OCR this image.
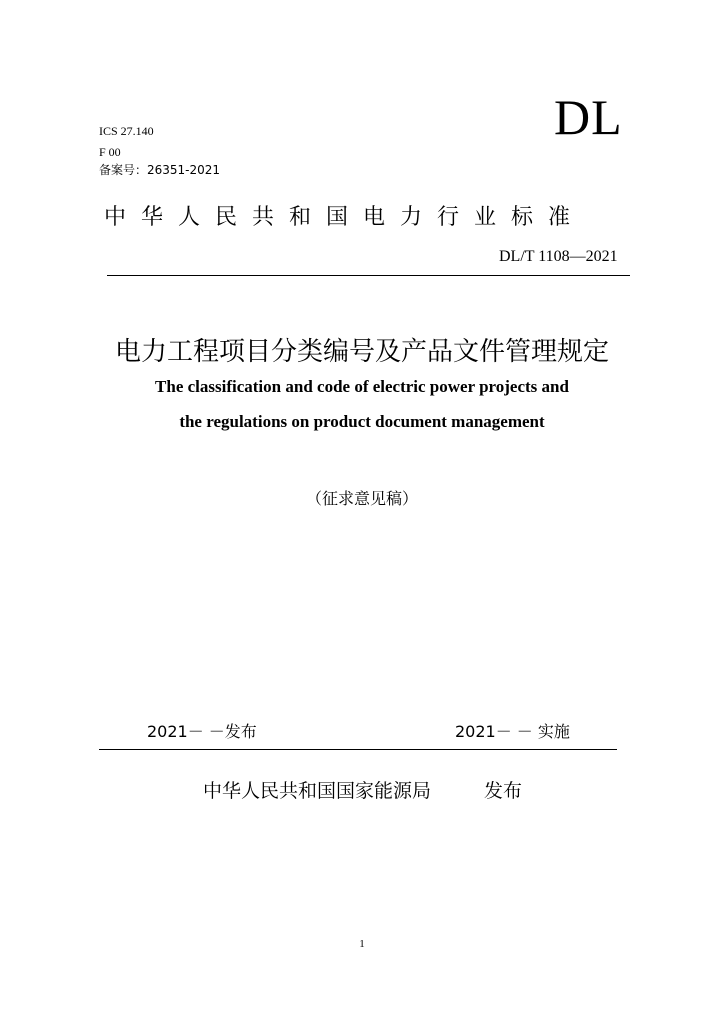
ICS 27.140
F 00
备案号：26351-2021
DL
中华人民共和国电力行业标准
DL/T 1108—2021
电力工程项目分类编号及产品文件管理规定
The classification and code of electric power projects and
the regulations on product document management
（征求意见稿）
2021－ －发布	2021－ － 实施
中华人民共和国国家能源局	发布
1
